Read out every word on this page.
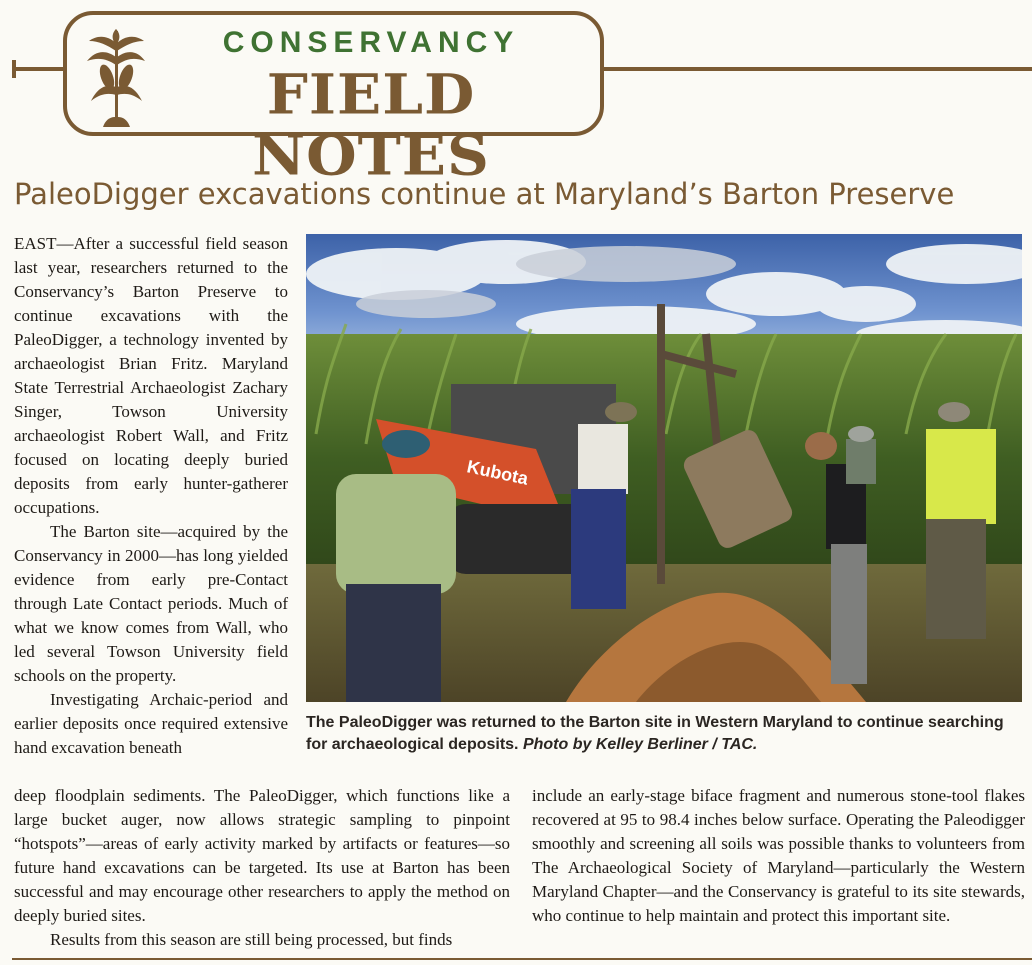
CONSERVANCY
FIELD NOTES
PaleoDigger excavations continue at Maryland’s Barton Preserve

EAST—After a successful field season last year, researchers returned to the Conservancy’s Barton Preserve to continue excavations with the PaleoDigger, a technology invented by archaeologist Brian Fritz. Maryland State Terrestrial Archaeologist Zachary Singer, Towson University archaeologist Robert Wall, and Fritz focused on locating deeply buried deposits from early hunter-gatherer occupations.

The Barton site—acquired by the Conservancy in 2000—has long yielded evidence from early pre-Contact through Late Contact periods. Much of what we know comes from Wall, who led several Towson University field schools on the property.

Investigating Archaic-period and earlier deposits once required extensive hand excavation beneath

Kubota
The PaleoDigger was returned to the Barton site in Western Maryland to continue searching for archaeological deposits. Photo by Kelley Berliner / TAC.

deep floodplain sediments. The PaleoDigger, which functions like a large bucket auger, now allows strategic sampling to pinpoint “hotspots”—areas of early activity marked by artifacts or features—so future hand excavations can be targeted. Its use at Barton has been successful and may encourage other researchers to apply the method on deeply buried sites.

Results from this season are still being processed, but finds

include an early-stage biface fragment and numerous stone-tool flakes recovered at 95 to 98.4 inches below surface. Operating the Paleodigger smoothly and screening all soils was possible thanks to volunteers from The Archaeological Society of Maryland—particularly the Western Maryland Chapter—and the Conservancy is grateful to its site stewards, who continue to help maintain and protect this important site.
